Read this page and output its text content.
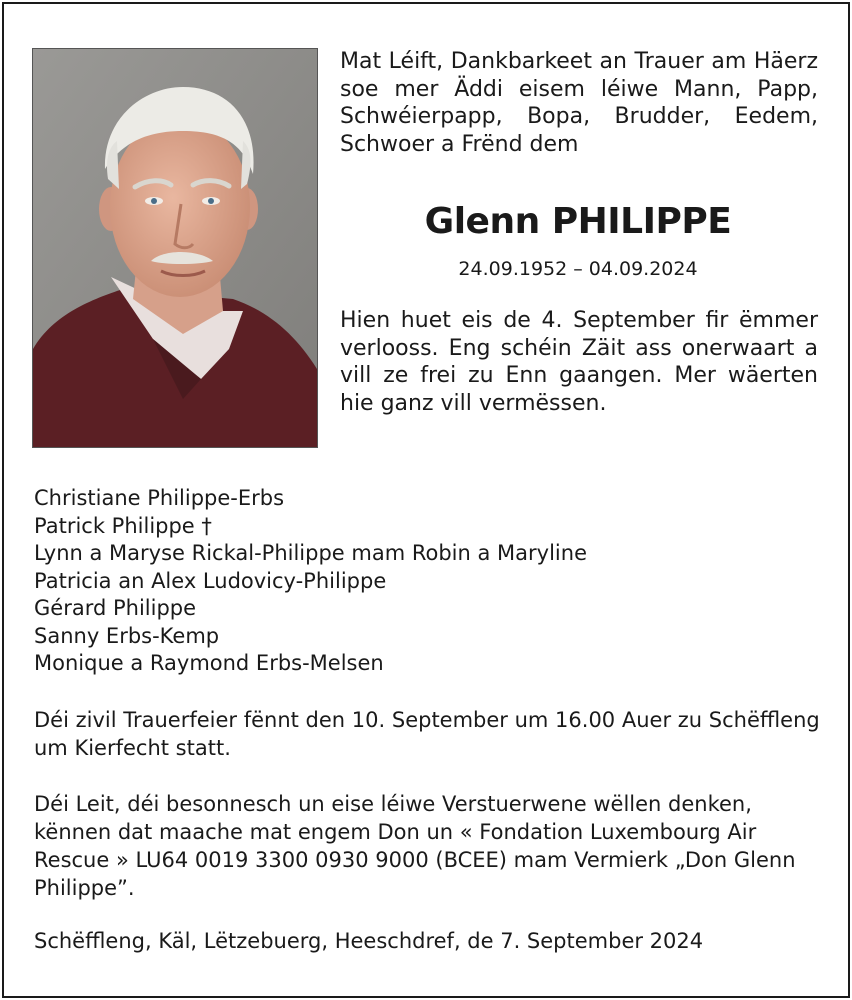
Mat Léift, Dankbarkeet an Trauer am Häerz soe mer Äddi eisem léiwe Mann, Papp, Schwéierpapp, Bopa, Brudder, Eedem, Schwoer a Frënd dem
Glenn PHILIPPE
24.09.1952 – 04.09.2024
Hien huet eis de 4. September fir ëmmer verlooss. Eng schéin Zäit ass onerwaart a vill ze frei zu Enn gaangen. Mer wäerten hie ganz vill vermëssen.
Christiane Philippe-Erbs
Patrick Philippe †
Lynn a Maryse Rickal-Philippe mam Robin a Maryline
Patricia an Alex Ludovicy-Philippe
Gérard Philippe
Sanny Erbs-Kemp
Monique a Raymond Erbs-Melsen
Déi zivil Trauerfeier fënnt den 10. September um 16.00 Auer zu Schëffleng um Kierfecht statt.
Déi Leit, déi besonnesch un eise léiwe Verstuerwene wëllen denken, kënnen dat maache mat engem Don un « Fondation Luxembourg Air Rescue » LU64 0019 3300 0930 9000 (BCEE) mam Vermierk „Don Glenn Philippe”.
Schëffleng, Käl, Lëtzebuerg, Heeschdref, de 7. September 2024
